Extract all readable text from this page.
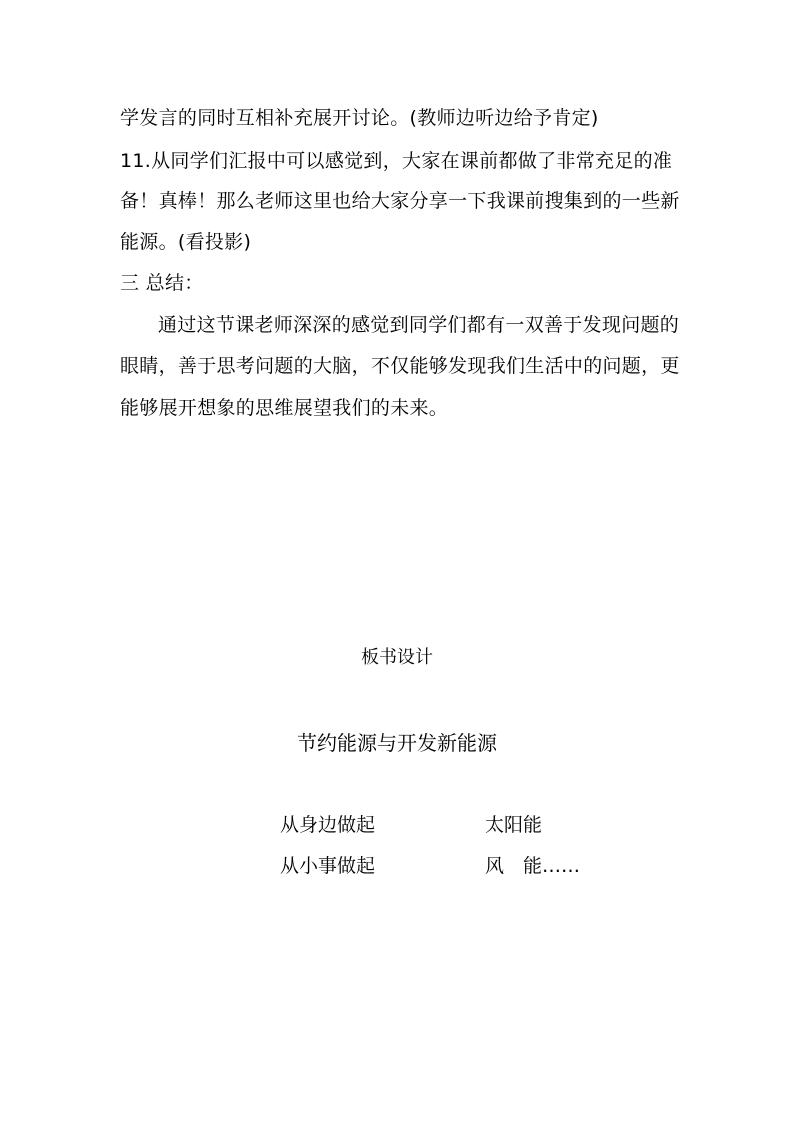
学发言的同时互相补充展开讨论。(教师边听边给予肯定)
11.从同学们汇报中可以感觉到，大家在课前都做了非常充足的准
备！真棒！那么老师这里也给大家分享一下我课前搜集到的一些新
能源。(看投影)
三 总结：
通过这节课老师深深的感觉到同学们都有一双善于发现问题的
眼睛，善于思考问题的大脑，不仅能够发现我们生活中的问题，更
能够展开想象的思维展望我们的未来。
板书设计
节约能源与开发新能源
从身边做起
从小事做起
太阳能
风　能……
